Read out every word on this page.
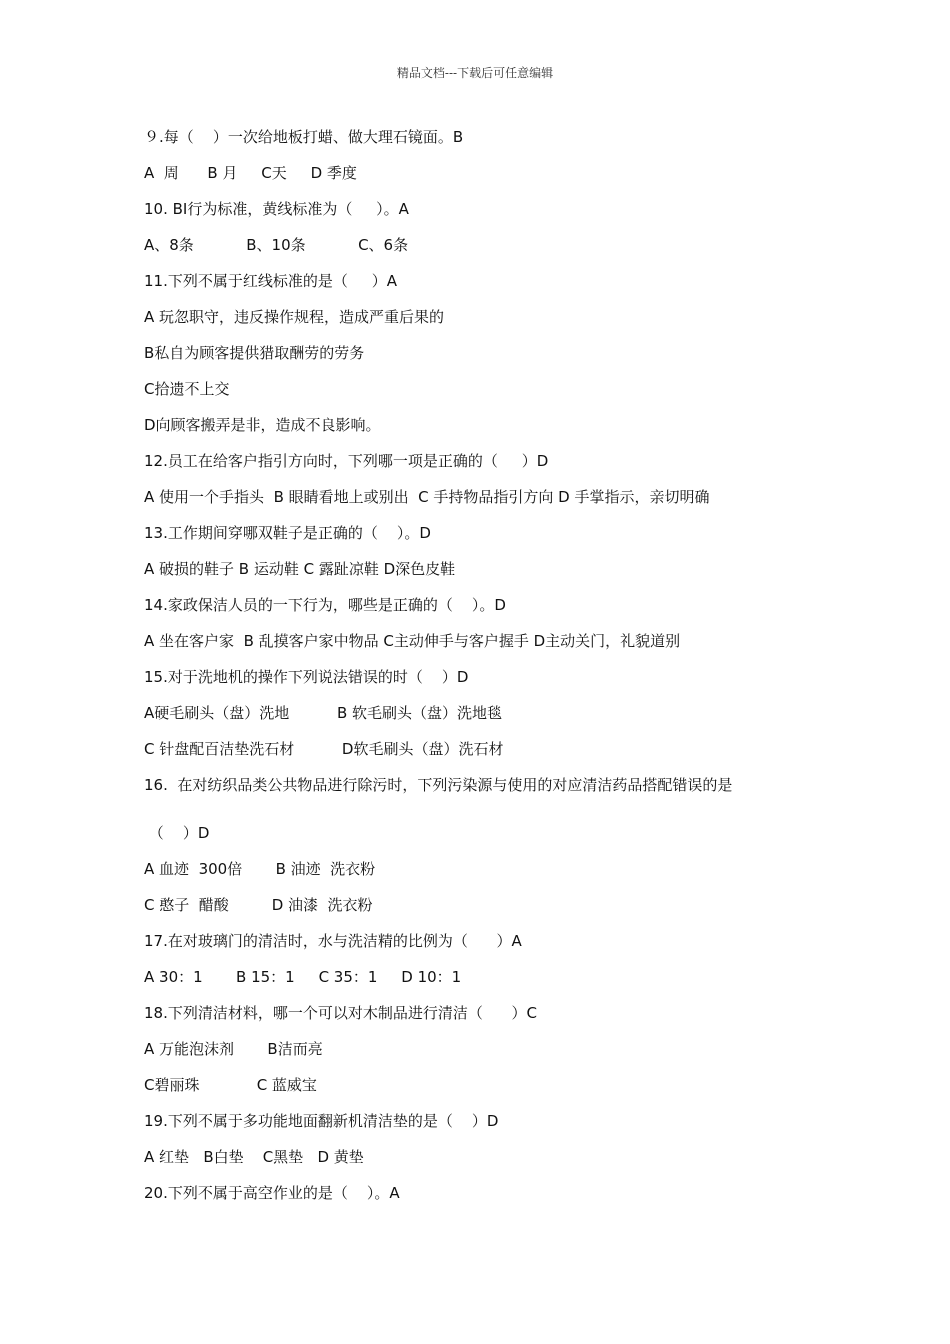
精品文档---下载后可任意编辑

９.每（    ）一次给地板打蜡、做大理石镜面。B

A  周      B 月     C天     D 季度

10. BI行为标准，黄线标准为（     ）。A

A、8条           B、10条           C、6条

11.下列不属于红线标准的是（     ）A

A 玩忽职守，违反操作规程，造成严重后果的

B私自为顾客提供猎取酬劳的劳务

C拾遗不上交

D向顾客搬弄是非，造成不良影响。

12.员工在给客户指引方向时，下列哪一项是正确的（     ）D

A 使用一个手指头  B 眼睛看地上或别出  C 手持物品指引方向 D 手掌指示，亲切明确

13.工作期间穿哪双鞋子是正确的（    ）。D

A 破损的鞋子 B 运动鞋 C 露趾凉鞋 D深色皮鞋

14.家政保洁人员的一下行为，哪些是正确的（    ）。D

A 坐在客户家  B 乱摸客户家中物品 C主动伸手与客户握手 D主动关门，礼貌道别

15.对于洗地机的操作下列说法错误的时（    ）D

A硬毛刷头（盘）洗地          B 软毛刷头（盘）洗地毯

C 针盘配百洁垫洗石材          D软毛刷头（盘）洗石材

16.  在对纺织品类公共物品进行除污时，下列污染源与使用的对应清洁药品搭配错误的是

（    ）D

A 血迹  300倍       B 油迹  洗衣粉

C 憨子  醋酸         D 油漆  洗衣粉

17.在对玻璃门的清洁时，水与洗洁精的比例为（      ）A

A 30：1       B 15：1     C 35：1     D 10：1

18.下列清洁材料，哪一个可以对木制品进行清洁（      ）C

A 万能泡沫剂       B洁而亮

C碧丽珠            C 蓝威宝

19.下列不属于多功能地面翻新机清洁垫的是（    ）D

A 红垫   B白垫    C黑垫   D 黄垫

20.下列不属于高空作业的是（    ）。A
